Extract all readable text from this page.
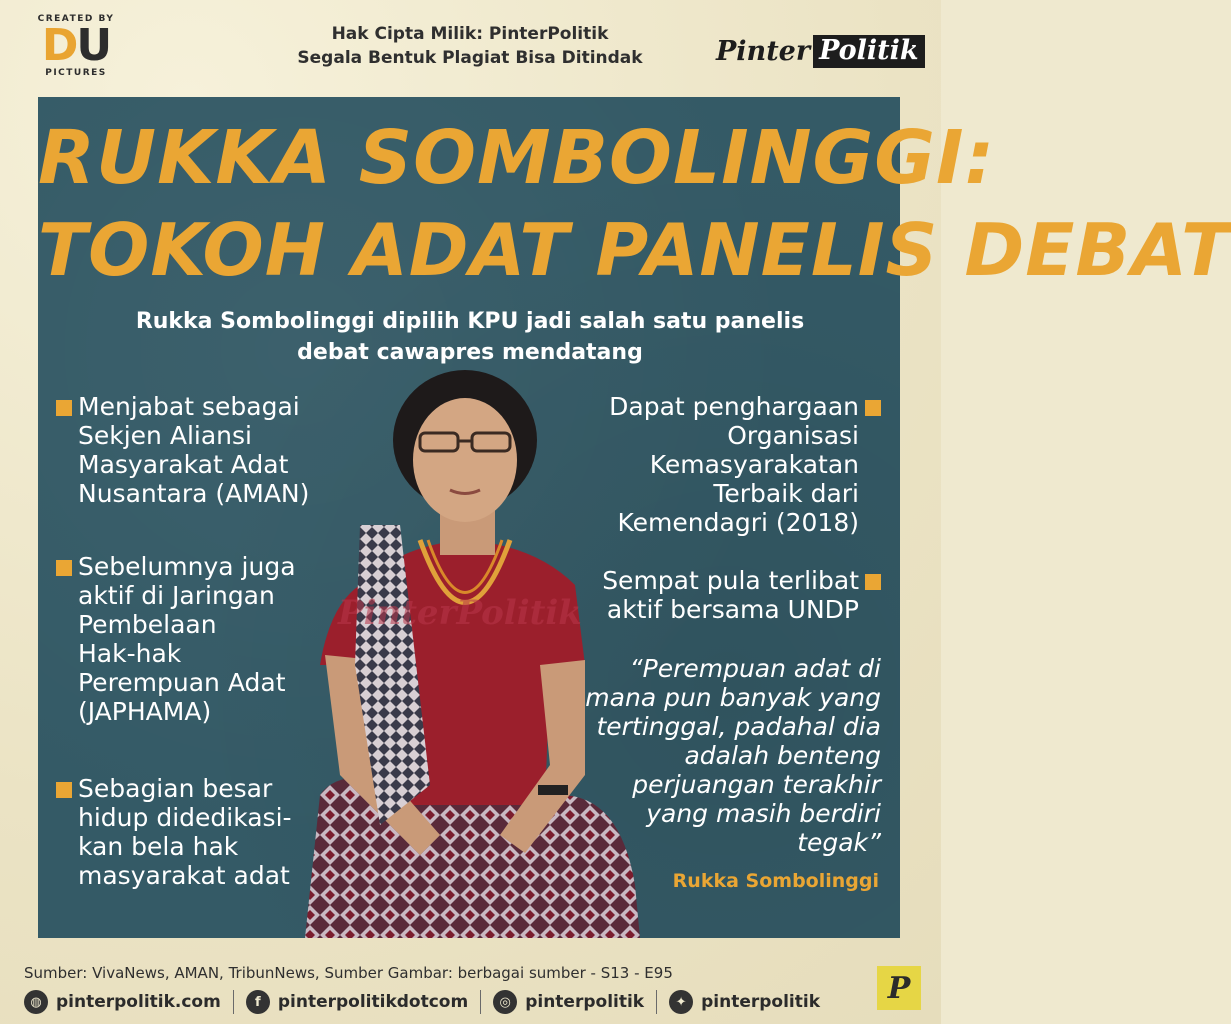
CREATED BY
DU
PICTURES
Hak Cipta Milik: PinterPolitik
Segala Bentuk Plagiat Bisa Ditindak	Pinter Politik
RUKKA SOMBOLINGGI:
TOKOH ADAT PANELIS DEBAT
Rukka Sombolinggi dipilih KPU jadi salah satu panelis
debat cawapres mendatang
PinterPolitik
Menjabat sebagai
Sekjen Aliansi
Masyarakat Adat
Nusantara (AMAN)
Sebelumnya juga
aktif di Jaringan
Pembelaan
Hak-hak
Perempuan Adat
(JAPHAMA)
Sebagian besar
hidup didedikasi-
kan bela hak
masyarakat adat
Dapat penghargaan
Organisasi
Kemasyarakatan
Terbaik dari
Kemendagri (2018)
Sempat pula terlibat
aktif bersama UNDP
“Perempuan adat di
mana pun banyak yang
tertinggal, padahal dia
adalah benteng
perjuangan terakhir
yang masih berdiri
tegak”
Rukka Sombolinggi
Sumber: VivaNews, AMAN, TribunNews, Sumber Gambar: berbagai sumber - S13 - E95
◍ pinterpolitik.com	f	pinterpolitikdotcom	◎ pinterpolitik	✦ pinterpolitik	P
